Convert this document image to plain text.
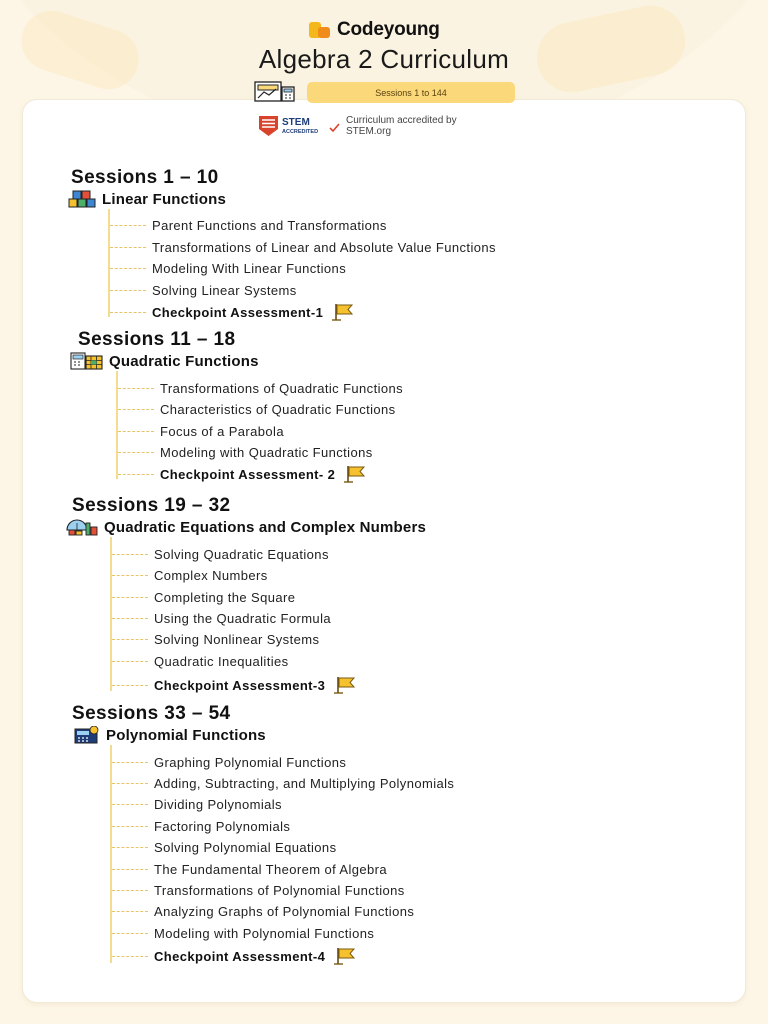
Codeyoung
Algebra 2 Curriculum
Sessions 1 to 144
STEM
ACCREDITED
Curriculum accredited by
STEM.org
Sessions 1 – 10
Linear Functions
Parent Functions and Transformations
Transformations of Linear and Absolute Value Functions
Modeling With Linear Functions
Solving Linear Systems
Checkpoint Assessment-1
Sessions 11 – 18
Quadratic Functions
Transformations of Quadratic Functions
Characteristics of Quadratic Functions
Focus of a Parabola
Modeling with Quadratic Functions
Checkpoint Assessment- 2
Sessions 19 – 32
Quadratic Equations and Complex Numbers
Solving Quadratic Equations
Complex Numbers
Completing the Square
Using the Quadratic Formula
Solving Nonlinear Systems
Quadratic Inequalities
Checkpoint Assessment-3
Sessions 33 – 54
Polynomial Functions
Graphing Polynomial Functions
Adding, Subtracting, and Multiplying Polynomials
Dividing Polynomials
Factoring Polynomials
Solving Polynomial Equations
The Fundamental Theorem of Algebra
Transformations of Polynomial Functions
Analyzing Graphs of Polynomial Functions
Modeling with Polynomial Functions
Checkpoint Assessment-4
